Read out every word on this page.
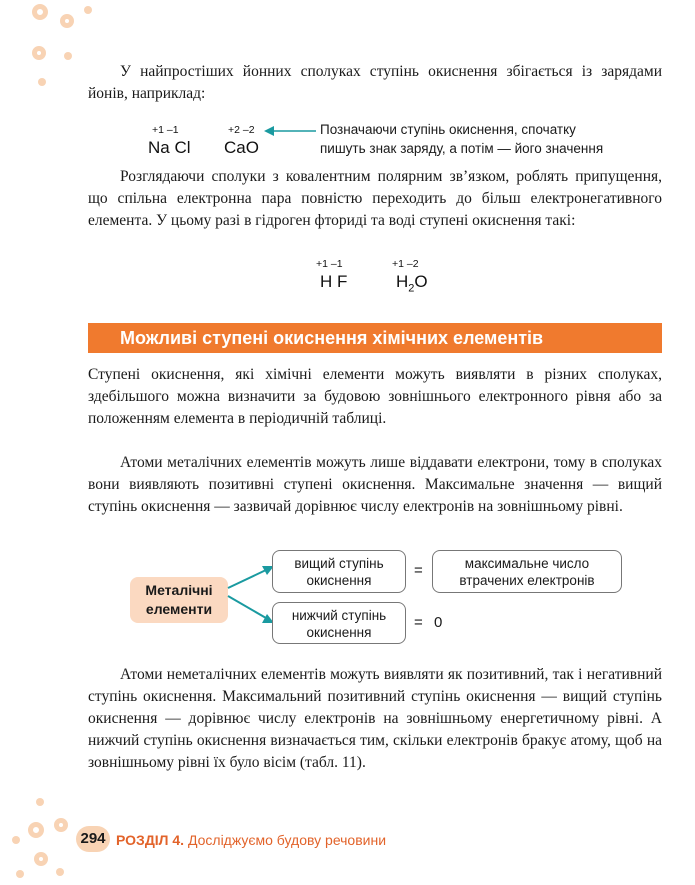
У найпростіших йонних сполуках ступінь окиснення збігається із зарядами йонів, наприклад:

+1 –1
Na Cl
+2 –2
CaO
Позначаючи ступінь окиснення, спочатку
пишуть знак заряду, а потім — його значення

Розглядаючи сполуки з ковалентним полярним зв’язком, роблять припущення, що спільна електронна пара повністю переходить до більш електронегативного елемента. У цьому разі в гідроген фториді та воді ступені окиснення такі:

+1 –1
H F
+1 –2
$H_2O$
Можливі ступені окиснення хімічних елементів

Ступені окиснення, які хімічні елементи можуть виявляти в різних сполуках, здебільшого можна визначити за будовою зовнішнього електронного рівня або за положенням елемента в періодичній таблиці.

Атоми металічних елементів можуть лише віддавати електрони, тому в сполуках вони виявляють позитивні ступені окиснення. Максимальне значення — вищий ступінь окиснення — зазвичай дорівнює числу електронів на зовнішньому рівні.

Металічні
елементи
вищий ступінь
окиснення
=	максимальне число
втрачених електронів
нижчий ступінь
окиснення
= 0

Атоми неметалічних елементів можуть виявляти як позитивний, так і негативний ступінь окиснення. Максимальний позитивний ступінь окиснення — вищий ступінь окиснення — дорівнює числу електронів на зовнішньому енергетичному рівні. А нижчий ступінь окиснення визначається тим, скільки електронів бракує атому, щоб на зовнішньому рівні їх було вісім (табл. 11).

294 РОЗДІЛ 4. Досліджуємо будову речовини
